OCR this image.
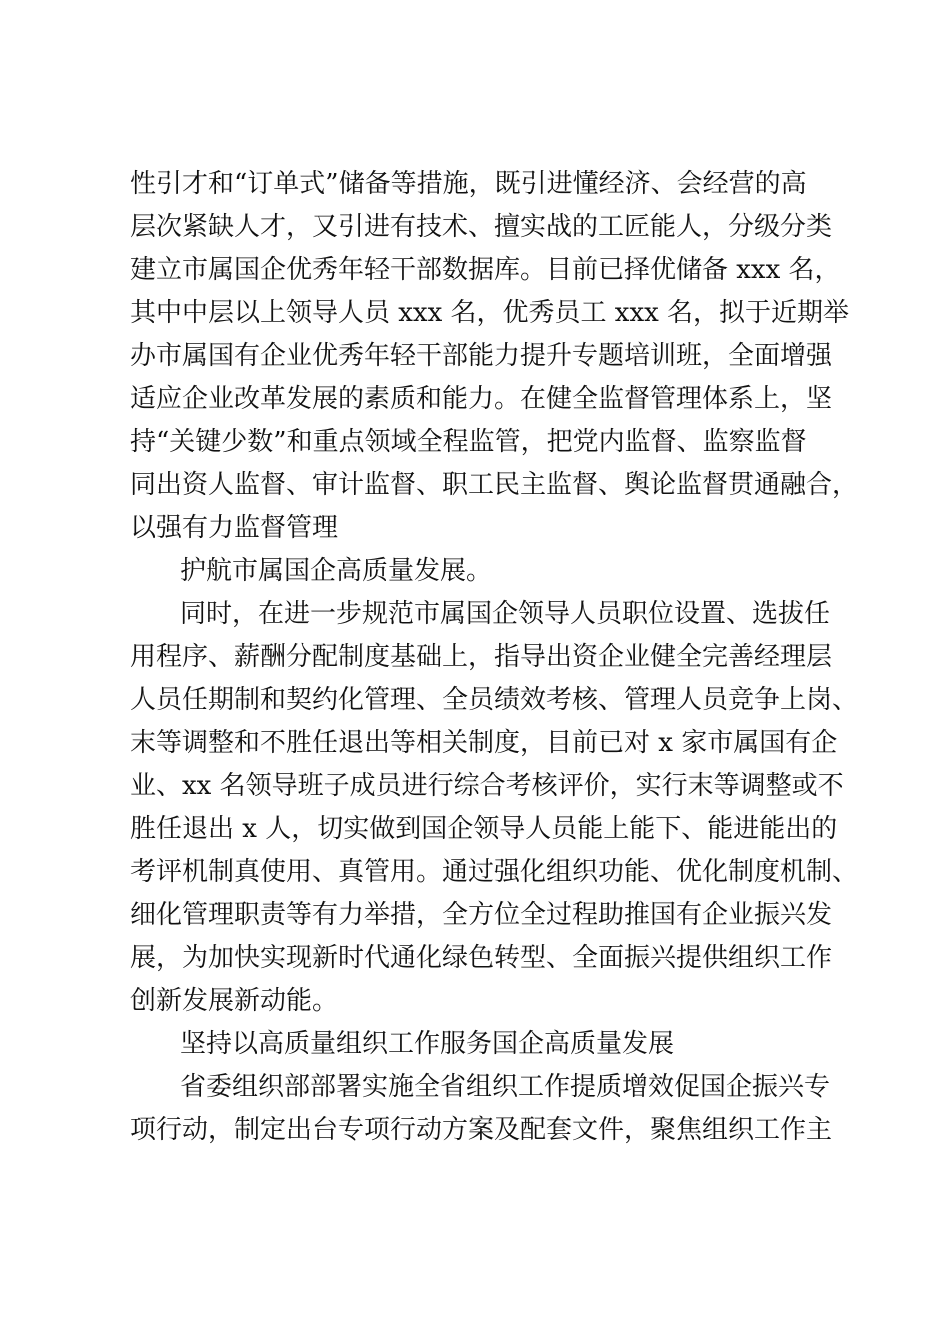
性引才和“订单式”储备等措施，既引进懂经济、会经营的高

层次紧缺人才，又引进有技术、擅实战的工匠能人，分级分类

建立市属国企优秀年轻干部数据库。目前已择优储备 xxx 名，

其中中层以上领导人员 xxx 名，优秀员工 xxx 名，拟于近期举

办市属国有企业优秀年轻干部能力提升专题培训班，全面增强

适应企业改革发展的素质和能力。在健全监督管理体系上，坚

持“关键少数”和重点领域全程监管，把党内监督、监察监督

同出资人监督、审计监督、职工民主监督、舆论监督贯通融合，

以强有力监督管理

护航市属国企高质量发展。

同时，在进一步规范市属国企领导人员职位设置、选拔任

用程序、薪酬分配制度基础上，指导出资企业健全完善经理层

人员任期制和契约化管理、全员绩效考核、管理人员竞争上岗、

末等调整和不胜任退出等相关制度，目前已对 x 家市属国有企

业、xx 名领导班子成员进行综合考核评价，实行末等调整或不

胜任退出 x 人，切实做到国企领导人员能上能下、能进能出的

考评机制真使用、真管用。通过强化组织功能、优化制度机制、

细化管理职责等有力举措，全方位全过程助推国有企业振兴发

展，为加快实现新时代通化绿色转型、全面振兴提供组织工作

创新发展新动能。

坚持以高质量组织工作服务国企高质量发展

省委组织部部署实施全省组织工作提质增效促国企振兴专

项行动，制定出台专项行动方案及配套文件，聚焦组织工作主
